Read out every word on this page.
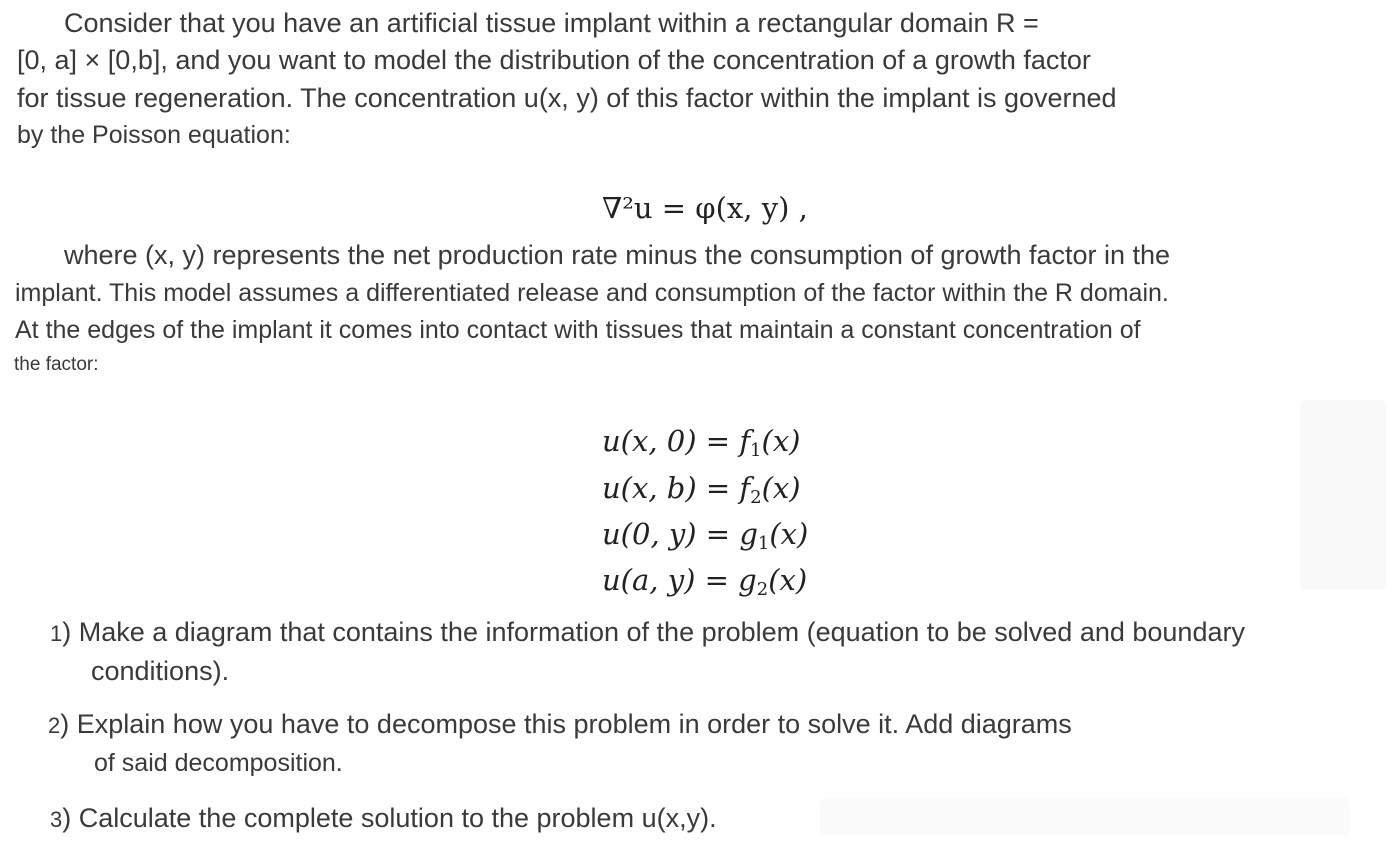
Consider that you have an artificial tissue implant within a rectangular domain R =
[0, a] × [0,b], and you want to model the distribution of the concentration of a growth factor
for tissue regeneration. The concentration u(x, y) of this factor within the implant is governed
by the Poisson equation:
∇²u = φ(x, y) ,
where (x, y) represents the net production rate minus the consumption of growth factor in the
implant. This model assumes a differentiated release and consumption of the factor within the R domain.
At the edges of the implant it comes into contact with tissues that maintain a constant concentration of
the factor:
u(x, $0) = f_1(x)$
u(x, $b) = f_2(x)$
u(0, $y) = g_1(x)$
u(a, $y) = g_2(x)$
1) Make a diagram that contains the information of the problem (equation to be solved and boundary
conditions).
2) Explain how you have to decompose this problem in order to solve it. Add diagrams
of said decomposition.
3) Calculate the complete solution to the problem u(x,y).
